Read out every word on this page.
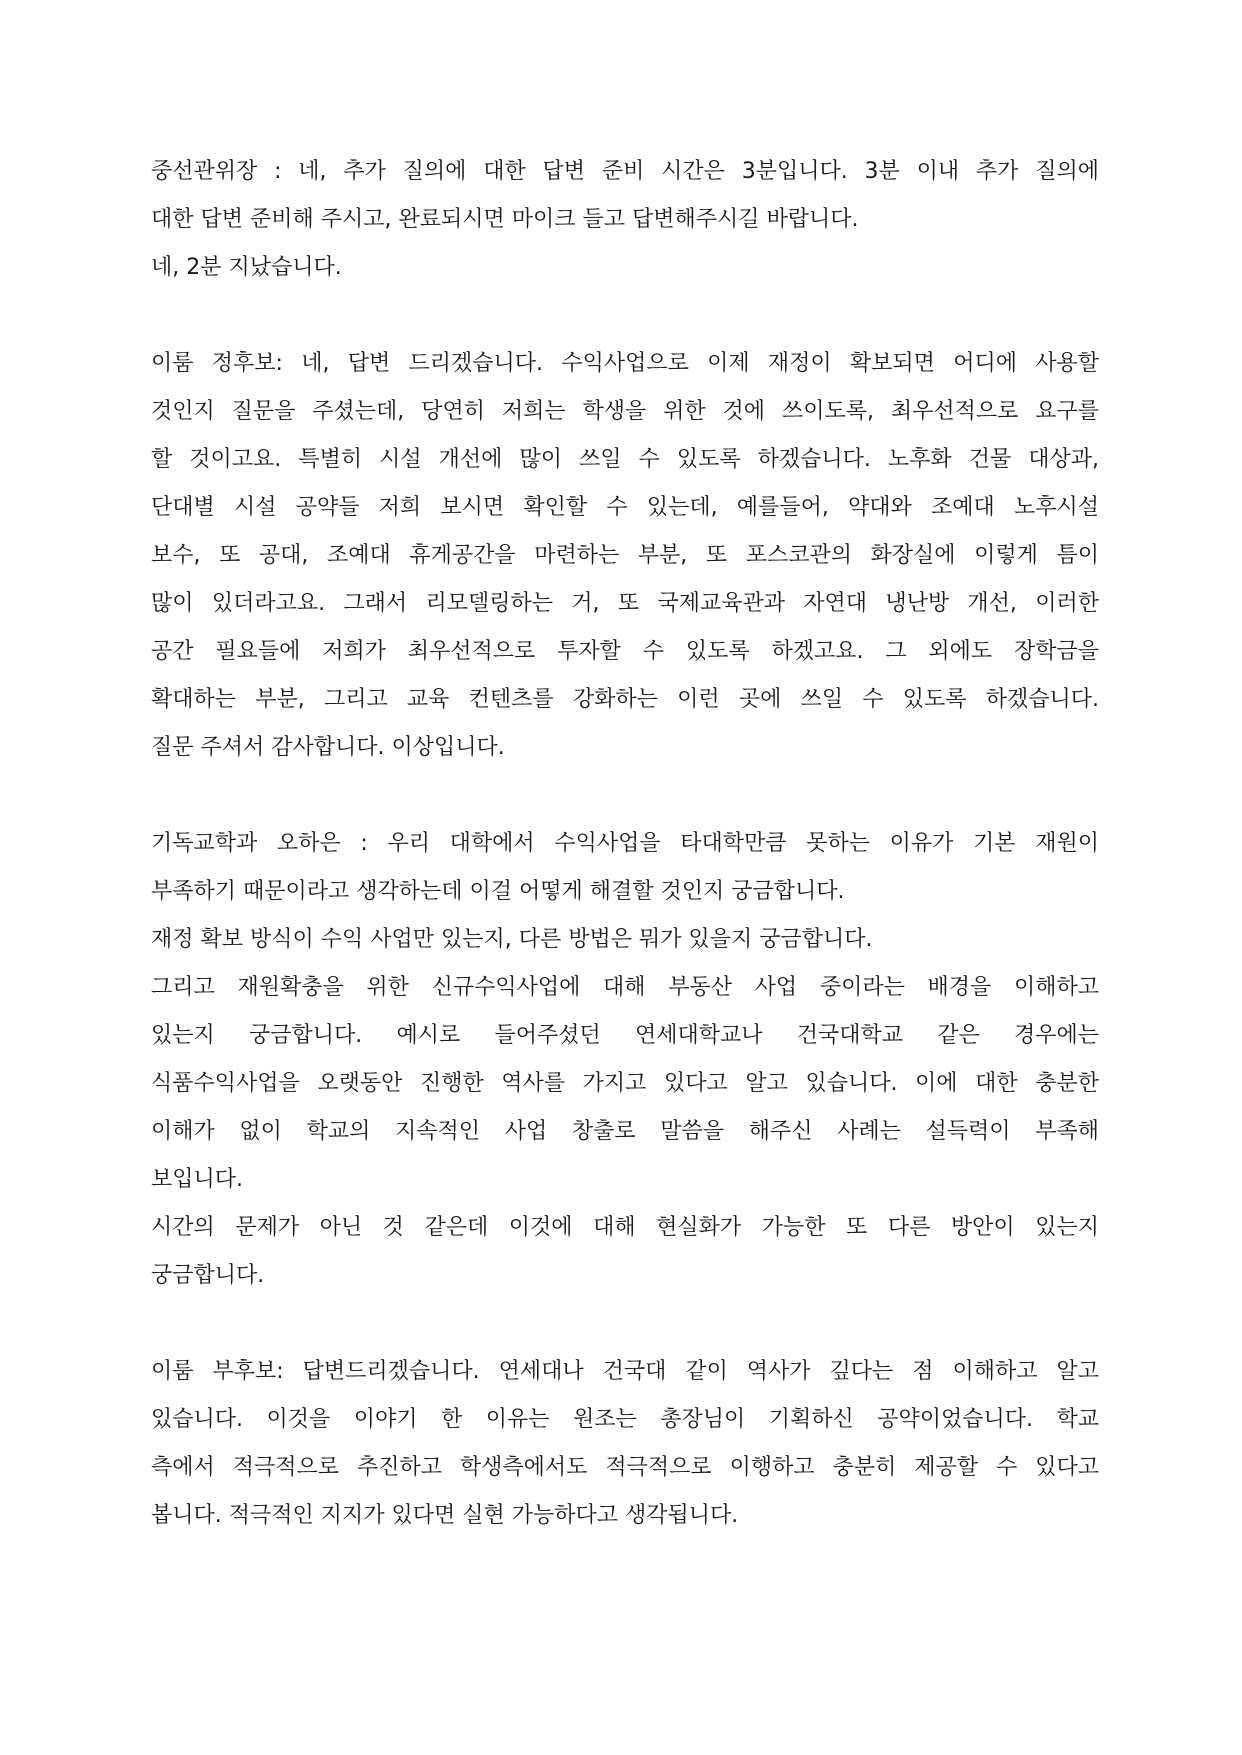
중선관위장 : 네, 추가 질의에 대한 답변 준비 시간은 3분입니다. 3분 이내 추가 질의에
대한 답변 준비해 주시고, 완료되시면 마이크 들고 답변해주시길 바랍니다.
네, 2분 지났습니다.
이룸 정후보: 네, 답변 드리겠습니다. 수익사업으로 이제 재정이 확보되면 어디에 사용할
것인지 질문을 주셨는데, 당연히 저희는 학생을 위한 것에 쓰이도록, 최우선적으로 요구를
할 것이고요. 특별히 시설 개선에 많이 쓰일 수 있도록 하겠습니다. 노후화 건물 대상과,
단대별 시설 공약들 저희 보시면 확인할 수 있는데, 예를들어, 약대와 조예대 노후시설
보수, 또 공대, 조예대 휴게공간을 마련하는 부분, 또 포스코관의 화장실에 이렇게 틈이
많이 있더라고요. 그래서 리모델링하는 거, 또 국제교육관과 자연대 냉난방 개선, 이러한
공간 필요들에 저희가 최우선적으로 투자할 수 있도록 하겠고요. 그 외에도 장학금을
확대하는 부분, 그리고 교육 컨텐츠를 강화하는 이런 곳에 쓰일 수 있도록 하겠습니다.
질문 주셔서 감사합니다. 이상입니다.
기독교학과 오하은 : 우리 대학에서 수익사업을 타대학만큼 못하는 이유가 기본 재원이
부족하기 때문이라고 생각하는데 이걸 어떻게 해결할 것인지 궁금합니다.
재정 확보 방식이 수익 사업만 있는지, 다른 방법은 뭐가 있을지 궁금합니다.
그리고 재원확충을 위한 신규수익사업에 대해 부동산 사업 중이라는 배경을 이해하고
있는지 궁금합니다. 예시로 들어주셨던 연세대학교나 건국대학교 같은 경우에는
식품수익사업을 오랫동안 진행한 역사를 가지고 있다고 알고 있습니다. 이에 대한 충분한
이해가 없이 학교의 지속적인 사업 창출로 말씀을 해주신 사례는 설득력이 부족해
보입니다.
시간의 문제가 아닌 것 같은데 이것에 대해 현실화가 가능한 또 다른 방안이 있는지
궁금합니다.
이룸 부후보: 답변드리겠습니다. 연세대나 건국대 같이 역사가 깊다는 점 이해하고 알고
있습니다. 이것을 이야기 한 이유는 원조는 총장님이 기획하신 공약이었습니다. 학교
측에서 적극적으로 추진하고 학생측에서도 적극적으로 이행하고 충분히 제공할 수 있다고
봅니다. 적극적인 지지가 있다면 실현 가능하다고 생각됩니다.
